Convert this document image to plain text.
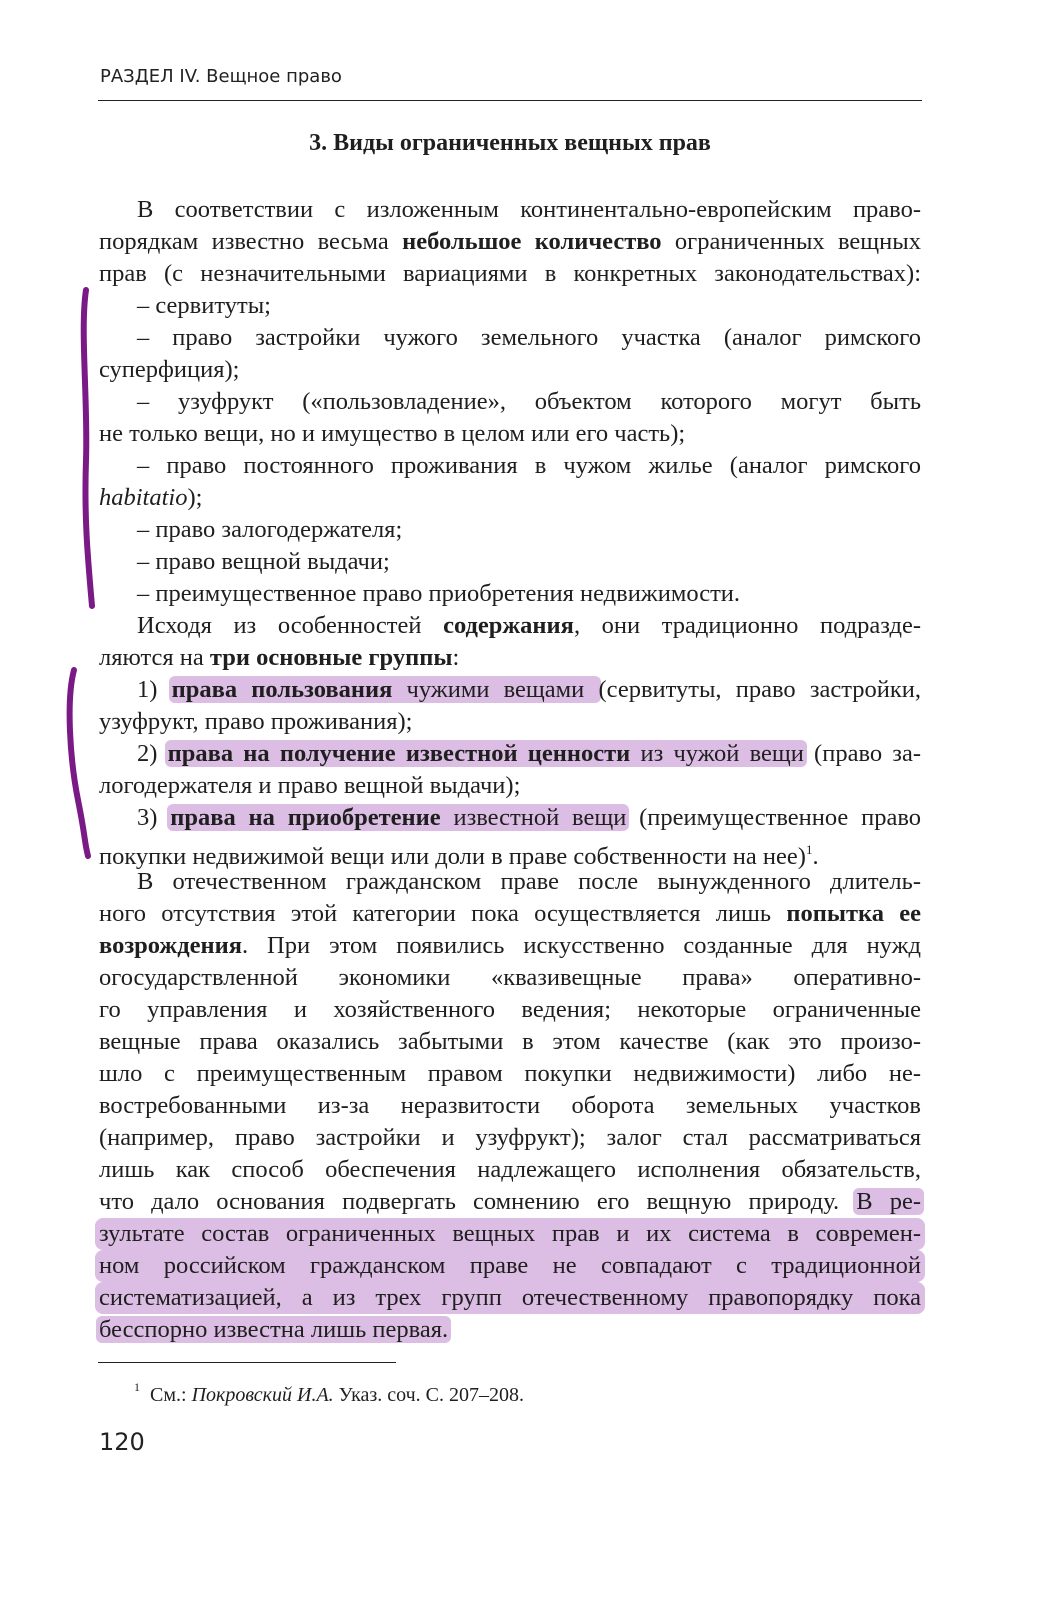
РАЗДЕЛ IV. Вещное право
3. Виды ограниченных вещных прав
В соответствии с изложенным континентально-европейским право-
порядкам известно весьма небольшое количество ограниченных вещных
прав (с незначительными вариациями в конкретных законодательствах):
– сервитуты;
– право застройки чужого земельного участка (аналог римского
суперфиция);
– узуфрукт («пользовладение», объектом которого могут быть
не только вещи, но и имущество в целом или его часть);
– право постоянного проживания в чужом жилье (аналог римского
habitatio);
– право залогодержателя;
– право вещной выдачи;
– преимущественное право приобретения недвижимости.
Исходя из особенностей содержания, они традиционно подразде-
ляются на три основные группы:
1) права пользования чужими вещами (сервитуты, право застройки,
узуфрукт, право проживания);
2) права на получение известной ценности из чужой вещи (право за-
логодержателя и правo вещной выдачи);
3) права на приобретение известной вещи (преимущественное право
покупки недвижимой вещи или доли в праве собственности на нее)$^1$.
В отечественном гражданском праве после вынужденного длитель-
ного отсутствия этой категории пока осуществляется лишь попытка ее
возрождения. При этом появились искусственно созданные для нужд
огосударствленной экономики «квазивещные права» оперативно-
го управления и хозяйственного ведения; некоторые ограниченные
вещные права оказались забытыми в этом качестве (как это произо-
шло с преимущественным правом покупки недвижимости) либо не-
востребованными из-за неразвитости оборота земельных участков
(например, право застройки и узуфрукт); залог стал рассматриваться
лишь как способ обеспечения надлежащего исполнения обязательств,
что дало основания подвергать сомнению его вещную природу. В ре-
зультате состав ограниченных вещных прав и их система в современ-
ном российском гражданском праве не совпадают с традиционной
систематизацией, а из трех групп отечественному правопорядку пока
бесспорно известна лишь первая.
$^1$ См.: Покровский И.А. Указ. соч. С. 207–208.
120
